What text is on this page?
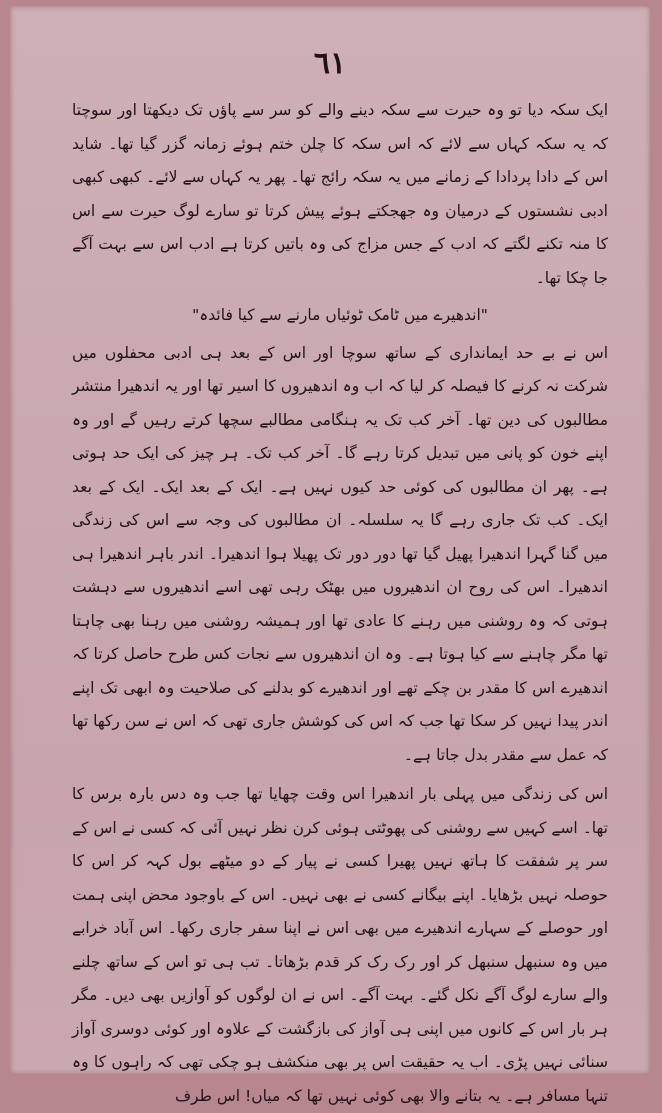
٦١

ایک سکہ دیا تو وہ حیرت سے سکہ دینے والے کو سر سے پاؤں تک دیکھتا اور سوچتا کہ یہ سکہ کہاں سے لائے کہ اس سکہ کا چلن ختم ہوئے زمانہ گزر گیا تھا۔ شاید اس کے دادا پردادا کے زمانے میں یہ سکہ رائج تھا۔ پھر یہ کہاں سے لائے۔ کبھی کبھی ادبی نشستوں کے درمیان وہ جھجکتے ہوئے پیش کرتا تو سارے لوگ حیرت سے اس کا منہ تکنے لگتے کہ ادب کے جس مزاج کی وہ باتیں کرتا ہے ادب اس سے بہت آگے جا چکا تھا۔

"اندھیرے میں ٹامک ٹوئیاں مارنے سے کیا فائدہ"

اس نے بے حد ایمانداری کے ساتھ سوچا اور اس کے بعد ہی ادبی محفلوں میں شرکت نہ کرنے کا فیصلہ کر لیا کہ اب وہ اندھیروں کا اسیر تھا اور یہ اندھیرا منتشر مطالبوں کی دین تھا۔ آخر کب تک یہ ہنگامی مطالبے سچھا کرتے رہیں گے اور وہ اپنے خون کو پانی میں تبدیل کرتا رہے گا۔ آخر کب تک۔ ہر چیز کی ایک حد ہوتی ہے۔ پھر ان مطالبوں کی کوئی حد کیوں نہیں ہے۔ ایک کے بعد ایک۔ ایک کے بعد ایک۔ کب تک جاری رہے گا یہ سلسلہ۔ ان مطالبوں کی وجہ سے اس کی زندگی میں گنا گہرا اندھیرا پھیل گیا تھا دور دور تک پھیلا ہوا اندھیرا۔ اندر باہر اندھیرا ہی اندھیرا۔ اس کی روح ان اندھیروں میں بھٹک رہی تھی اسے اندھیروں سے دہشت ہوتی کہ وہ روشنی میں رہنے کا عادی تھا اور ہمیشہ روشنی میں رہنا بھی چاہتا تھا مگر چاہنے سے کیا ہوتا ہے۔ وہ ان اندھیروں سے نجات کس طرح حاصل کرتا کہ اندھیرے اس کا مقدر بن چکے تھے اور اندھیرے کو بدلنے کی صلاحیت وہ ابھی تک اپنے اندر پیدا نہیں کر سکا تھا جب کہ اس کی کوشش جاری تھی کہ اس نے سن رکھا تھا کہ عمل سے مقدر بدل جاتا ہے۔

اس کی زندگی میں پہلی بار اندھیرا اس وقت چھایا تھا جب وہ دس بارہ برس کا تھا۔ اسے کہیں سے روشنی کی پھوٹتی ہوئی کرن نظر نہیں آئی کہ کسی نے اس کے سر پر شفقت کا ہاتھ نہیں پھیرا کسی نے پیار کے دو میٹھے بول کہہ کر اس کا حوصلہ نہیں بڑھایا۔ اپنے بیگانے کسی نے بھی نہیں۔ اس کے باوجود محض اپنی ہمت اور حوصلے کے سہارے اندھیرے میں بھی اس نے اپنا سفر جاری رکھا۔ اس آباد خرابے میں وہ سنبھل سنبھل کر اور رک رک کر قدم بڑھاتا۔ تب ہی تو اس کے ساتھ چلنے والے سارے لوگ آگے نکل گئے۔ بہت آگے۔ اس نے ان لوگوں کو آوازیں بھی دیں۔ مگر ہر بار اس کے کانوں میں اپنی ہی آواز کی بازگشت کے علاوہ اور کوئی دوسری آواز سنائی نہیں پڑی۔ اب یہ حقیقت اس پر بھی منکشف ہو چکی تھی کہ راہوں کا وہ تنہا مسافر ہے۔ یہ بتانے والا بھی کوئی نہیں تھا کہ میاں! اس طرف
